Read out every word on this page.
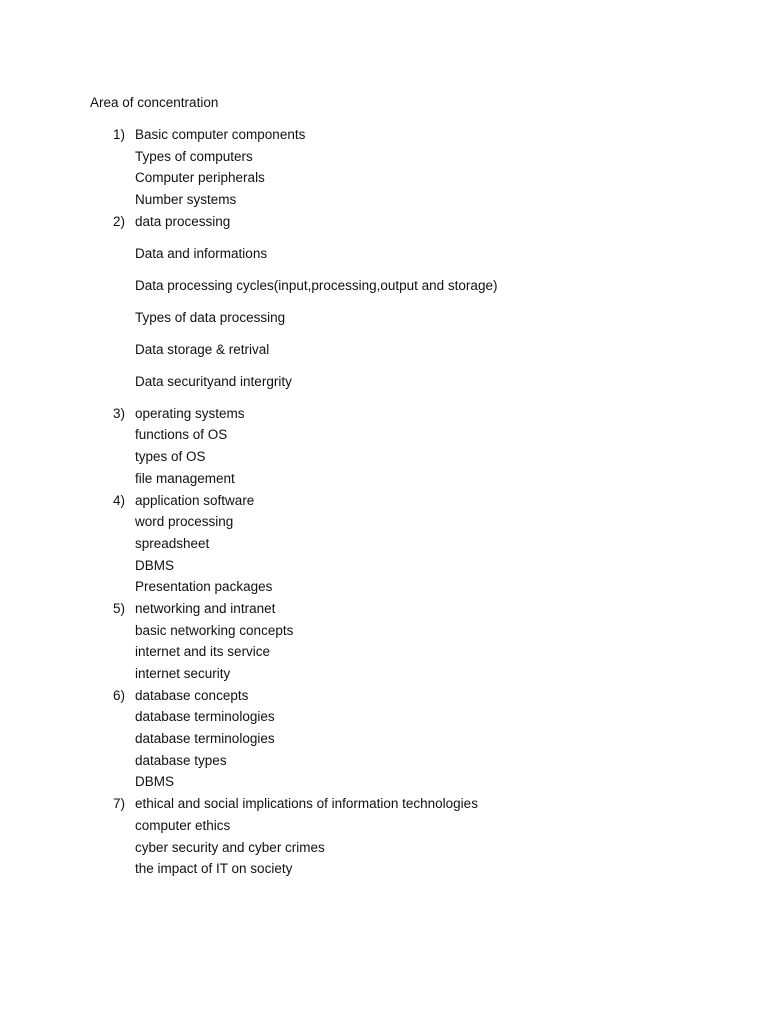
Area of concentration
1) Basic computer components
Types of computers
Computer peripherals
Number systems
2) data processing
Data and informations
Data processing cycles(input,processing,output and storage)
Types of data processing
Data storage & retrival
Data securityand intergrity
3) operating systems
functions of OS
types of OS
file management
4) application software
word processing
spreadsheet
DBMS
Presentation packages
5) networking and intranet
basic networking concepts
internet and its service
internet security
6) database concepts
database terminologies
database terminologies
database types
DBMS
7) ethical and social implications of information technologies
computer ethics
cyber security and cyber crimes
the impact of IT on society
